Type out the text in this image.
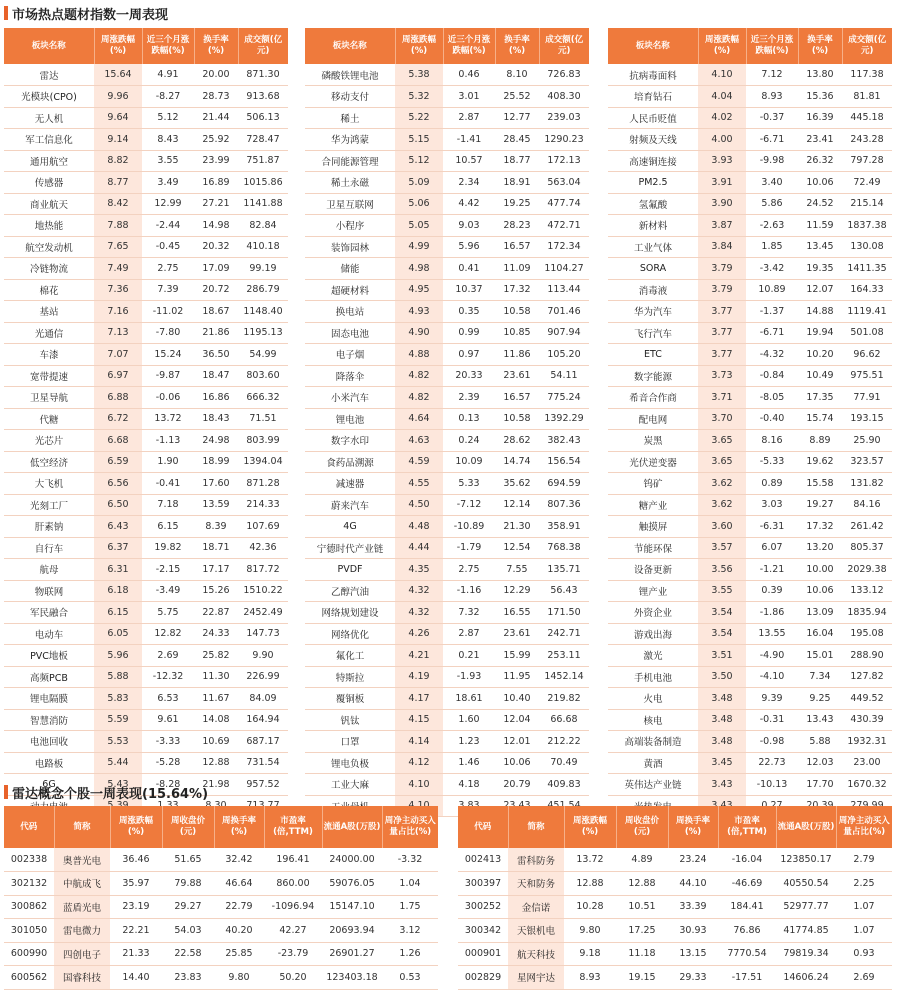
市场热点题材指数一周表现
板块名称	周涨跌幅(%)	近三个月涨跌幅(%)	换手率(%)	成交额(亿元)
雷达	15.64	4.91	20.00	871.30
光模块(CPO)	9.96	-8.27	28.73	913.68
无人机	9.64	5.12	21.44	506.13
军工信息化	9.14	8.43	25.92	728.47
通用航空	8.82	3.55	23.99	751.87
传感器	8.77	3.49	16.89	1015.86
商业航天	8.42	12.99	27.21	1141.88
地热能	7.88	-2.44	14.98	82.84
航空发动机	7.65	-0.45	20.32	410.18
冷链物流	7.49	2.75	17.09	99.19
棉花	7.36	7.39	20.72	286.79
基站	7.16	-11.02	18.67	1148.40
光通信	7.13	-7.80	21.86	1195.13
车漆	7.07	15.24	36.50	54.99
宽带提速	6.97	-9.87	18.47	803.60
卫星导航	6.88	-0.06	16.86	666.32
代糖	6.72	13.72	18.43	71.51
光芯片	6.68	-1.13	24.98	803.99
低空经济	6.59	1.90	18.99	1394.04
大飞机	6.56	-0.41	17.60	871.28
光刻工厂	6.50	7.18	13.59	214.33
肝素钠	6.43	6.15	8.39	107.69
自行车	6.37	19.82	18.71	42.36
航母	6.31	-2.15	17.17	817.72
物联网	6.18	-3.49	15.26	1510.22
军民融合	6.15	5.75	22.87	2452.49
电动车	6.05	12.82	24.33	147.73
PVC地板	5.96	2.69	25.82	9.90
高频PCB	5.88	-12.32	11.30	226.99
锂电隔膜	5.83	6.53	11.67	84.09
智慧消防	5.59	9.61	14.08	164.94
电池回收	5.53	-3.33	10.69	687.17
电路板	5.44	-5.28	12.88	731.54
6G	5.43	-8.28	21.98	957.52

板块名称	周涨跌幅(%)	近三个月涨跌幅(%)	换手率(%)	成交额(亿元)
磷酸铁锂电池	5.38	0.46	8.10	726.83
移动支付	5.32	3.01	25.52	408.30
稀土	5.22	2.87	12.77	239.03
华为鸿蒙	5.15	-1.41	28.45	1290.23
合同能源管理	5.12	10.57	18.77	172.13
稀土永磁	5.09	2.34	18.91	563.04
卫星互联网	5.06	4.42	19.25	477.74
小程序	5.05	9.03	28.23	472.71
装饰园林	4.99	5.96	16.57	172.34
储能	4.98	0.41	11.09	1104.27
超硬材料	4.95	10.37	17.32	113.44
换电站	4.93	0.35	10.58	701.46
固态电池	4.90	0.99	10.85	907.94
电子烟	4.88	0.97	11.86	105.20
降落伞	4.82	20.33	23.61	54.11
小米汽车	4.82	2.39	16.57	775.24
锂电池	4.64	0.13	10.58	1392.29
数字水印	4.63	0.24	28.62	382.43
食药品溯源	4.59	10.09	14.74	156.54
减速器	4.55	5.33	35.62	694.59
蔚来汽车	4.50	-7.12	12.14	807.36
4G	4.48	-10.89	21.30	358.91
宁德时代产业链	4.44	-1.79	12.54	768.38
PVDF	4.35	2.75	7.55	135.71
乙醇汽油	4.32	-1.16	12.29	56.43
网络规划建设	4.32	7.32	16.55	171.50
网络优化	4.26	2.87	23.61	242.71
氟化工	4.21	0.21	15.99	253.11
特斯拉	4.19	-1.93	11.95	1452.14
覆铜板	4.17	18.61	10.40	219.82
钒钛	4.15	1.60	12.04	66.68
口罩	4.14	1.23	12.01	212.22
锂电负极	4.12	1.46	10.06	70.49
工业大麻	4.10	4.18	20.79	409.83

板块名称	周涨跌幅(%)	近三个月涨跌幅(%)	换手率(%)	成交额(亿元)
抗病毒面料	4.10	7.12	13.80	117.38
培育钻石	4.04	8.93	15.36	81.81
人民币贬值	4.02	-0.37	16.39	445.18
射频及天线	4.00	-6.71	23.41	243.28
高速铜连接	3.93	-9.98	26.32	797.28
PM2.5	3.91	3.40	10.06	72.49
氢氟酸	3.90	5.86	24.52	215.14
新材料	3.87	-2.63	11.59	1837.38
工业气体	3.84	1.85	13.45	130.08
SORA	3.79	-3.42	19.35	1411.35
消毒液	3.79	10.89	12.07	164.33
华为汽车	3.77	-1.37	14.88	1119.41
飞行汽车	3.77	-6.71	19.94	501.08
ETC	3.77	-4.32	10.20	96.62
数字能源	3.73	-0.84	10.49	975.51
希音合作商	3.71	-8.05	17.35	77.91
配电网	3.70	-0.40	15.74	193.15
炭黑	3.65	8.16	8.89	25.90
光伏逆变器	3.65	-5.33	19.62	323.57
钨矿	3.62	0.89	15.58	131.82
糖产业	3.62	3.03	19.27	84.16
触摸屏	3.60	-6.31	17.32	261.42
节能环保	3.57	6.07	13.20	805.37
设备更新	3.56	-1.21	10.00	2029.38
锂产业	3.55	0.39	10.06	133.12
外资企业	3.54	-1.86	13.09	1835.94
游戏出海	3.54	13.55	16.04	195.08
激光	3.51	-4.90	15.01	288.90
手机电池	3.50	-4.10	7.34	127.82
火电	3.48	9.39	9.25	449.52
核电	3.48	-0.31	13.43	430.39
高端装备制造	3.48	-0.98	5.88	1932.31
黄酒	3.45	22.73	12.03	23.00
英伟达产业链	3.43	-10.13	17.70	1670.32

雷达概念个股一周表现(15.64%)
代码	简称	周涨跌幅(%)	周收盘价(元)	周换手率(%)	市盈率(倍,TTM)	流通A股(万股)	周净主动买入量占比(%)
002338	奥普光电	36.46	51.65	32.42	196.41	24000.00	-3.32
302132	中航成飞	35.97	79.88	46.64	860.00	59076.05	1.04
300862	蓝盾光电	23.19	29.27	22.79	-1096.94	15147.10	1.75
301050	雷电微力	22.21	54.03	40.20	42.27	20693.94	3.12
600990	四创电子	21.33	22.58	25.85	-23.79	26901.27	1.26
600562	国睿科技	14.40	23.83	9.80	50.20	123403.18	0.53
代码	简称	周涨跌幅(%)	周收盘价(元)	周换手率(%)	市盈率(倍,TTM)	流通A股(万股)	周净主动买入量占比(%)
002413	雷科防务	13.72	4.89	23.24	-16.04	123850.17	2.79
300397	天和防务	12.88	12.88	44.10	-46.69	40550.54	2.25
300252	金信诺	10.28	10.51	33.39	184.41	52977.77	1.07
300342	天银机电	9.80	17.25	30.93	76.86	41774.85	1.07
000901	航天科技	9.18	11.18	13.15	7770.54	79819.34	0.93
002829	星网宇达	8.93	19.15	29.33	-17.51	14606.24	2.69
